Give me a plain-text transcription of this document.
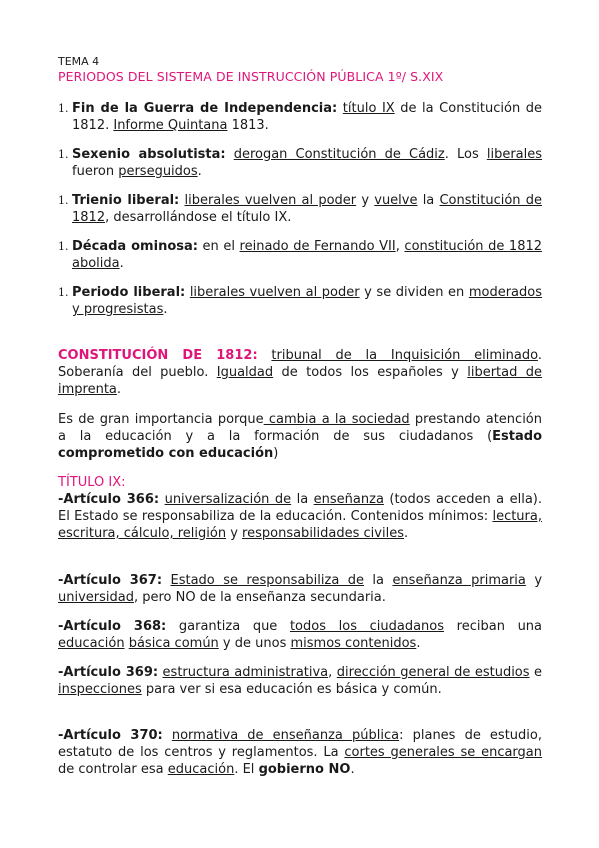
TEMA 4
PERIODOS DEL SISTEMA DE INSTRUCCIÓN PÚBLICA 1º/ S.XIX
1. Fin de la Guerra de Independencia: título IX de la Constitución de 1812. Informe Quintana 1813.
1. Sexenio absolutista: derogan Constitución de Cádiz. Los liberales fueron perseguidos.
1. Trienio liberal: liberales vuelven al poder y vuelve la Constitución de 1812, desarrollándose el título IX.
1. Década ominosa: en el reinado de Fernando VII, constitución de 1812 abolida.
1. Periodo liberal: liberales vuelven al poder y se dividen en moderados y progresistas.
CONSTITUCIÓN DE 1812: tribunal de la Inquisición eliminado. Soberanía del pueblo. Igualdad de todos los españoles y libertad de imprenta.
Es de gran importancia porque cambia a la sociedad prestando atención a la educación y a la formación de sus ciudadanos (Estado comprometido con educación)
TÍTULO IX:
-Artículo 366: universalización de la enseñanza (todos acceden a ella). El Estado se responsabiliza de la educación. Contenidos mínimos: lectura, escritura, cálculo, religión y responsabilidades civiles.
-Artículo 367: Estado se responsabiliza de la enseñanza primaria y universidad, pero NO de la enseñanza secundaria.
-Artículo 368: garantiza que todos los ciudadanos reciban una educación básica común y de unos mismos contenidos.
-Artículo 369: estructura administrativa, dirección general de estudios e inspecciones para ver si esa educación es básica y común.
-Artículo 370: normativa de enseñanza pública: planes de estudio, estatuto de los centros y reglamentos. La cortes generales se encargan de controlar esa educación. El gobierno NO.
